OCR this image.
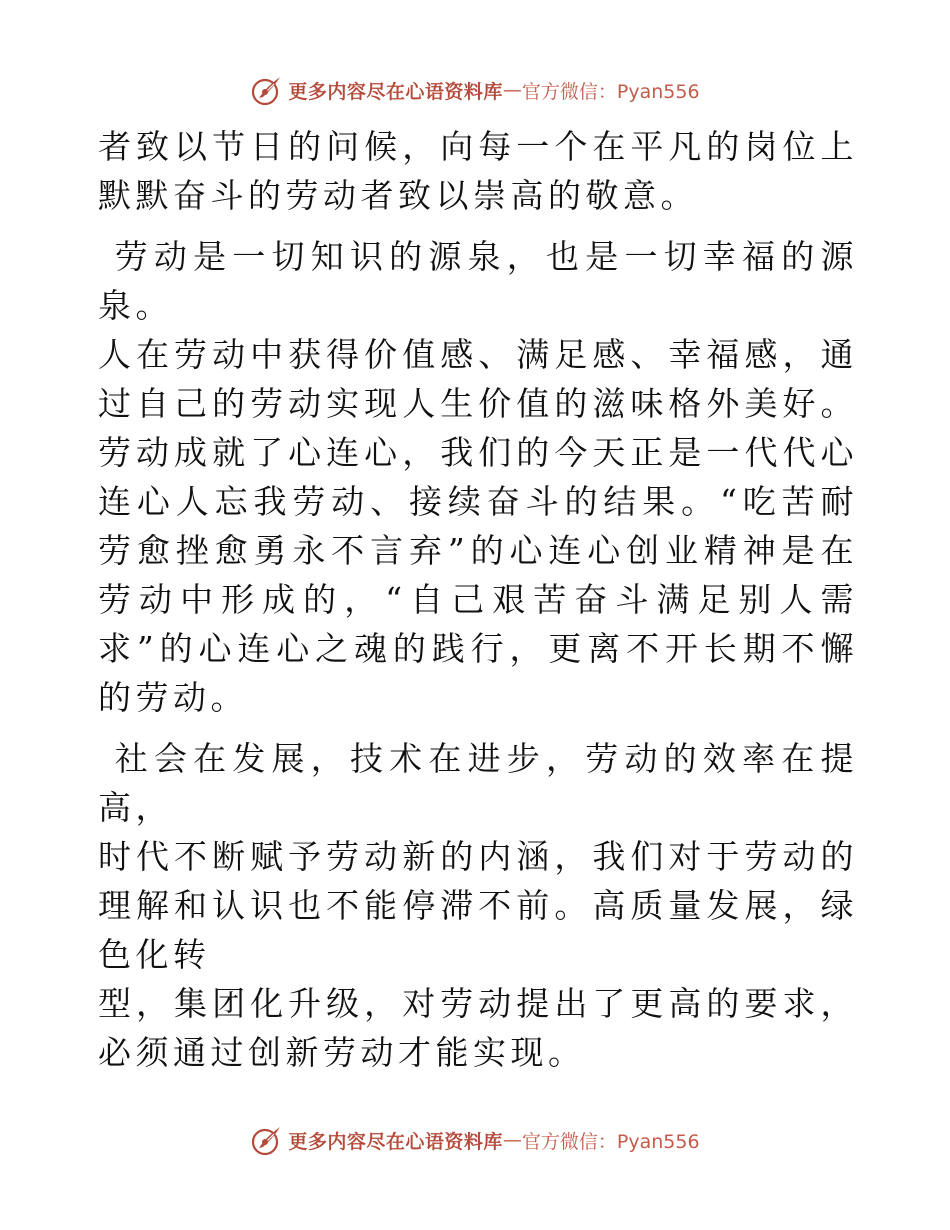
更多内容尽在心语资料库 — 官方微信：Pyan556

者致以节日的问候，向每一个在平凡的岗位上默默奋斗的劳动者致以崇高的敬意。

劳动是一切知识的源泉，也是一切幸福的源泉。
人在劳动中获得价值感、满足感、幸福感，通过自己的劳动实现人生价值的滋味格外美好。劳动成就了心连心，我们的今天正是一代代心连心人忘我劳动、接续奋斗的结果。“吃苦耐劳愈挫愈勇永不言弃”的心连心创业精神是在劳动中形成的，“自己艰苦奋斗满足别人需求”的心连心之魂的践行，更离不开长期不懈的劳动。

社会在发展，技术在进步，劳动的效率在提高，
时代不断赋予劳动新的内涵，我们对于劳动的理解和认识也不能停滞不前。高质量发展，绿色化转
型，集团化升级，对劳动提出了更高的要求，必须通过创新劳动才能实现。

更多内容尽在心语资料库 — 官方微信：Pyan556
